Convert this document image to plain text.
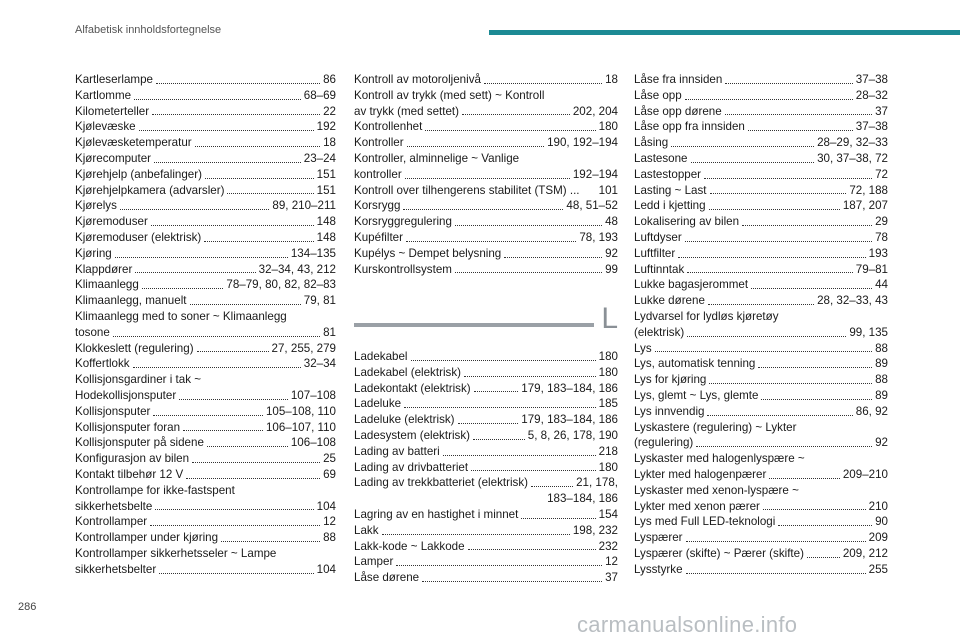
Alfabetisk innholdsfortegnelse
Kartleserlampe	86
Kartlomme	68–69
Kilometerteller	22
Kjølevæske	192
Kjølevæsketemperatur	18
Kjørecomputer	23–24
Kjørehjelp (anbefalinger)	151
Kjørehjelpkamera (advarsler)	151
Kjørelys	89, 210–211
Kjøremoduser	148
Kjøremoduser (elektrisk)	148
Kjøring	134–135
Klappdører	32–34, 43, 212
Klimaanlegg	78–79, 80, 82, 82–83
Klimaanlegg, manuelt	79, 81
Klimaanlegg med to soner ~ Klimaanlegg
tosone	81
Klokkeslett (regulering)	27, 255, 279
Koffertlokk	32–34
Kollisjonsgardiner i tak ~
Hodekollisjonsputer	107–108
Kollisjonsputer	105–108, 110
Kollisjonsputer foran	106–107, 110
Kollisjonsputer på sidene	106–108
Konfigurasjon av bilen	25
Kontakt tilbehør 12 V	69
Kontrollampe for ikke-fastspent
sikkerhetsbelte	104
Kontrollamper	12
Kontrollamper under kjøring	88
Kontrollamper sikkerhetsseler ~ Lampe
sikkerhetsbelter	104
Kontroll av motoroljenivå	18
Kontroll av trykk (med sett) ~ Kontroll
av trykk (med settet)	202, 204
Kontrollenhet	180
Kontroller	190, 192–194
Kontroller, alminnelige ~ Vanlige
kontroller	192–194
Kontroll over tilhengerens stabilitet (TSM) ... 101
Korsrygg	48, 51–52
Korsryggregulering	48
Kupéfilter	78, 193
Kupélys ~ Dempet belysning	92
Kurskontrollsystem	99
L
Ladekabel	180
Ladekabel (elektrisk)	180
Ladekontakt (elektrisk)	179, 183–184, 186
Ladeluke	185
Ladeluke (elektrisk)	179, 183–184, 186
Ladesystem (elektrisk)	5, 8, 26, 178, 190
Lading av batteri	218
Lading av drivbatteriet	180
Lading av trekkbatteriet (elektrisk)	21, 178,
183–184, 186
Lagring av en hastighet i minnet	154
Lakk	198, 232
Lakk-kode ~ Lakkode	232
Lamper	12
Låse dørene	37
Låse fra innsiden	37–38
Låse opp	28–32
Låse opp dørene	37
Låse opp fra innsiden	37–38
Låsing	28–29, 32–33
Lastesone	30, 37–38, 72
Lastestopper	72
Lasting ~ Last	72, 188
Ledd i kjetting	187, 207
Lokalisering av bilen	29
Luftdyser	78
Luftfilter	193
Luftinntak	79–81
Lukke bagasjerommet	44
Lukke dørene	28, 32–33, 43
Lydvarsel for lydløs kjøretøy
(elektrisk)	99, 135
Lys	88
Lys, automatisk tenning	89
Lys for kjøring	88
Lys, glemt ~ Lys, glemte	89
Lys innvendig	86, 92
Lyskastere (regulering) ~ Lykter
(regulering)	92
Lyskaster med halogenlyspære ~
Lykter med halogenpærer	209–210
Lyskaster med xenon-lyspære ~
Lykter med xenon pærer	210
Lys med Full LED-teknologi	90
Lyspærer	209
Lyspærer (skifte) ~ Pærer (skifte)	209, 212
Lysstyrke	255
286
carmanualsonline.info
